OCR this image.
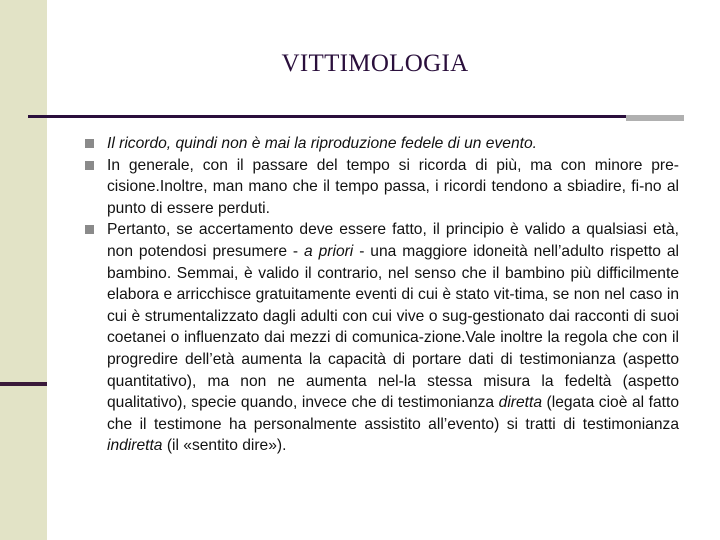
VITTIMOLOGIA
Il ricordo, quindi non è mai la riproduzione fedele di un evento.
In generale, con il passare del tempo si ricorda di più, ma con minore pre-cisione.Inoltre, man mano che il tempo passa, i ricordi tendono a sbiadire, fi-no al punto di essere perduti.
Pertanto, se accertamento deve essere fatto, il principio è valido a qualsiasi età, non potendosi presumere - a priori - una maggiore idoneità nell’adulto rispetto al bambino. Semmai, è valido il contrario, nel senso che il bambino più difficilmente elabora e arricchisce gratuitamente eventi di cui è stato vit-tima, se non nel caso in cui è strumentalizzato dagli adulti con cui vive o sug-gestionato dai racconti di suoi coetanei o influenzato dai mezzi di comunica-zione.Vale inoltre la regola che con il progredire dell’età aumenta la capacità di portare dati di testimonianza (aspetto quantitativo), ma non ne aumenta nel-la stessa misura la fedeltà (aspetto qualitativo), specie quando, invece che di testimonianza diretta (legata cioè al fatto che il testimone ha personalmente assistito all’evento) si tratti di testimonianza indiretta (il «sentito dire»).
